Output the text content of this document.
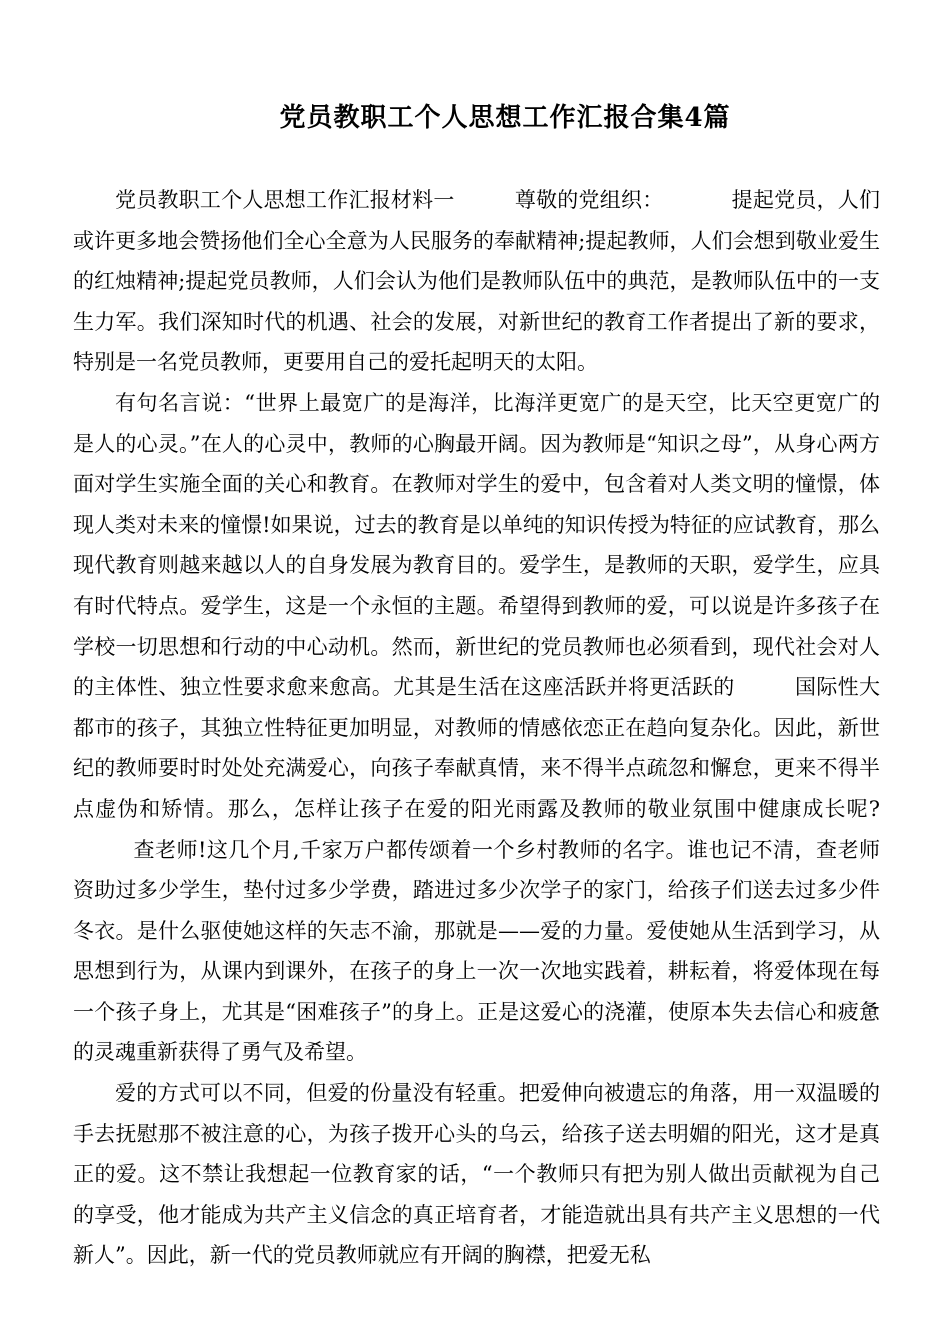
党员教职工个人思想工作汇报合集4篇

党员教职工个人思想工作汇报材料一	尊敬的党组织：	提起党员，人们或许更多地会赞扬他们全心全意为人民服务的奉献精神;提起教师，人们会想到敬业爱生的红烛精神;提起党员教师，人们会认为他们是教师队伍中的典范，是教师队伍中的一支生力军。我们深知时代的机遇、社会的发展，对新世纪的教育工作者提出了新的要求，特别是一名党员教师，更要用自己的爱托起明天的太阳。

有句名言说：“世界上最宽广的是海洋，比海洋更宽广的是天空，比天空更宽广的是人的心灵。”在人的心灵中，教师的心胸最开阔。因为教师是“知识之母”，从身心两方面对学生实施全面的关心和教育。在教师对学生的爱中，包含着对人类文明的憧憬，体现人类对未来的憧憬!如果说，过去的教育是以单纯的知识传授为特征的应试教育，那么现代教育则越来越以人的自身发展为教育目的。爱学生，是教师的天职，爱学生，应具有时代特点。爱学生，这是一个永恒的主题。希望得到教师的爱，可以说是许多孩子在学校一切思想和行动的中心动机。然而，新世纪的党员教师也必须看到，现代社会对人的主体性、独立性要求愈来愈高。尤其是生活在这座活跃并将更活跃的	国际性大都市的孩子，其独立性特征更加明显，对教师的情感依恋正在趋向复杂化。因此，新世纪的教师要时时处处充满爱心，向孩子奉献真情，来不得半点疏忽和懈怠，更来不得半点虚伪和矫情。那么，怎样让孩子在爱的阳光雨露及教师的敬业氛围中健康成长呢?查老师!这几个月,千家万户都传颂着一个乡村教师的名字。谁也记不清，查老师资助过多少学生，垫付过多少学费，踏进过多少次学子的家门，给孩子们送去过多少件冬衣。是什么驱使她这样的矢志不渝，那就是——爱的力量。爱使她从生活到学习，从思想到行为，从课内到课外，在孩子的身上一次一次地实践着，耕耘着，将爱体现在每一个孩子身上，尤其是“困难孩子”的身上。正是这爱心的浇灌，使原本失去信心和疲惫的灵魂重新获得了勇气及希望。

爱的方式可以不同，但爱的份量没有轻重。把爱伸向被遗忘的角落，用一双温暖的手去抚慰那不被注意的心，为孩子拨开心头的乌云，给孩子送去明媚的阳光，这才是真正的爱。这不禁让我想起一位教育家的话，“一个教师只有把为别人做出贡献视为自己的享受，他才能成为共产主义信念的真正培育者，才能造就出具有共产主义思想的一代新人”。因此，新一代的党员教师就应有开阔的胸襟，把爱无私
